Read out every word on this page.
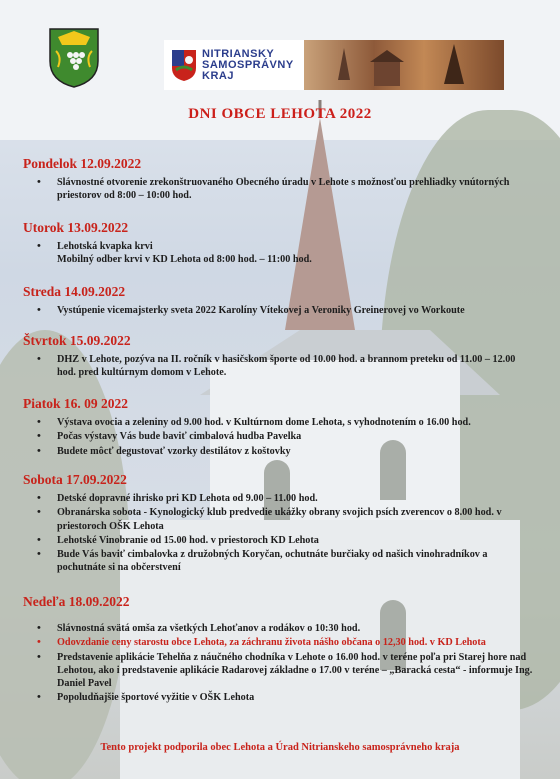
NITRIANSKY
SAMOSPRÁVNY
KRAJ
DNI OBCE LEHOTA 2022
Pondelok 12.09.2022
• Slávnostné otvorenie zrekonštruovaného Obecného úradu v Lehote s možnosťou prehliadky vnútorných priestorov od 8:00 – 10:00 hod.
Utorok 13.09.2022
• Lehotská kvapka krvi
Mobilný odber krvi v KD Lehota od 8:00 hod. – 11:00 hod.
Streda 14.09.2022
• Vystúpenie vicemajsterky sveta 2022 Karolíny Vítekovej a Veroniky Greinerovej vo Workoute
Štvrtok 15.09.2022
• DHZ v Lehote, pozýva na II. ročník v hasičskom športe od 10.00 hod. a brannom preteku od 11.00 – 12.00 hod. pred kultúrnym domom v Lehote.
Piatok 16. 09 2022
• Výstava ovocia a zeleniny od 9.00 hod. v Kultúrnom dome Lehota, s vyhodnotením o 16.00 hod.
• Počas výstavy Vás bude baviť cimbalová hudba Pavelka
• Budete môcť degustovať vzorky destilátov z koštovky
Sobota 17.09.2022
• Detské dopravné ihrisko pri KD Lehota od 9.00 – 11.00 hod.
• Obranárska sobota - Kynologický klub predvedie ukážky obrany svojich psích zverencov o 8.00 hod. v priestoroch OŠK Lehota
• Lehotské Vinobranie od 15.00 hod. v priestoroch KD Lehota
• Bude Vás baviť cimbalovka z družobných Koryčan, ochutnáte burčiaky od našich vinohradníkov a pochutnáte si na občerstvení
Nedeľa 18.09.2022
• Slávnostná svätá omša za všetkých Lehoťanov a rodákov o 10:30 hod.
• Odovzdanie ceny starostu obce Lehota, za záchranu života nášho občana o 12,30 hod. v KD Lehota
• Predstavenie aplikácie Tehelňa z náučného chodníka v Lehote o 16.00 hod. v teréne poľa pri Starej hore nad Lehotou, ako i predstavenie aplikácie Radarovej základne o 17.00 v teréne – „Baracká cesta“ - informuje Ing. Daniel Pavel
• Popoludňajšie športové vyžitie v OŠK Lehota
Tento projekt podporila obec Lehota a Úrad Nitrianskeho samosprávneho kraja
